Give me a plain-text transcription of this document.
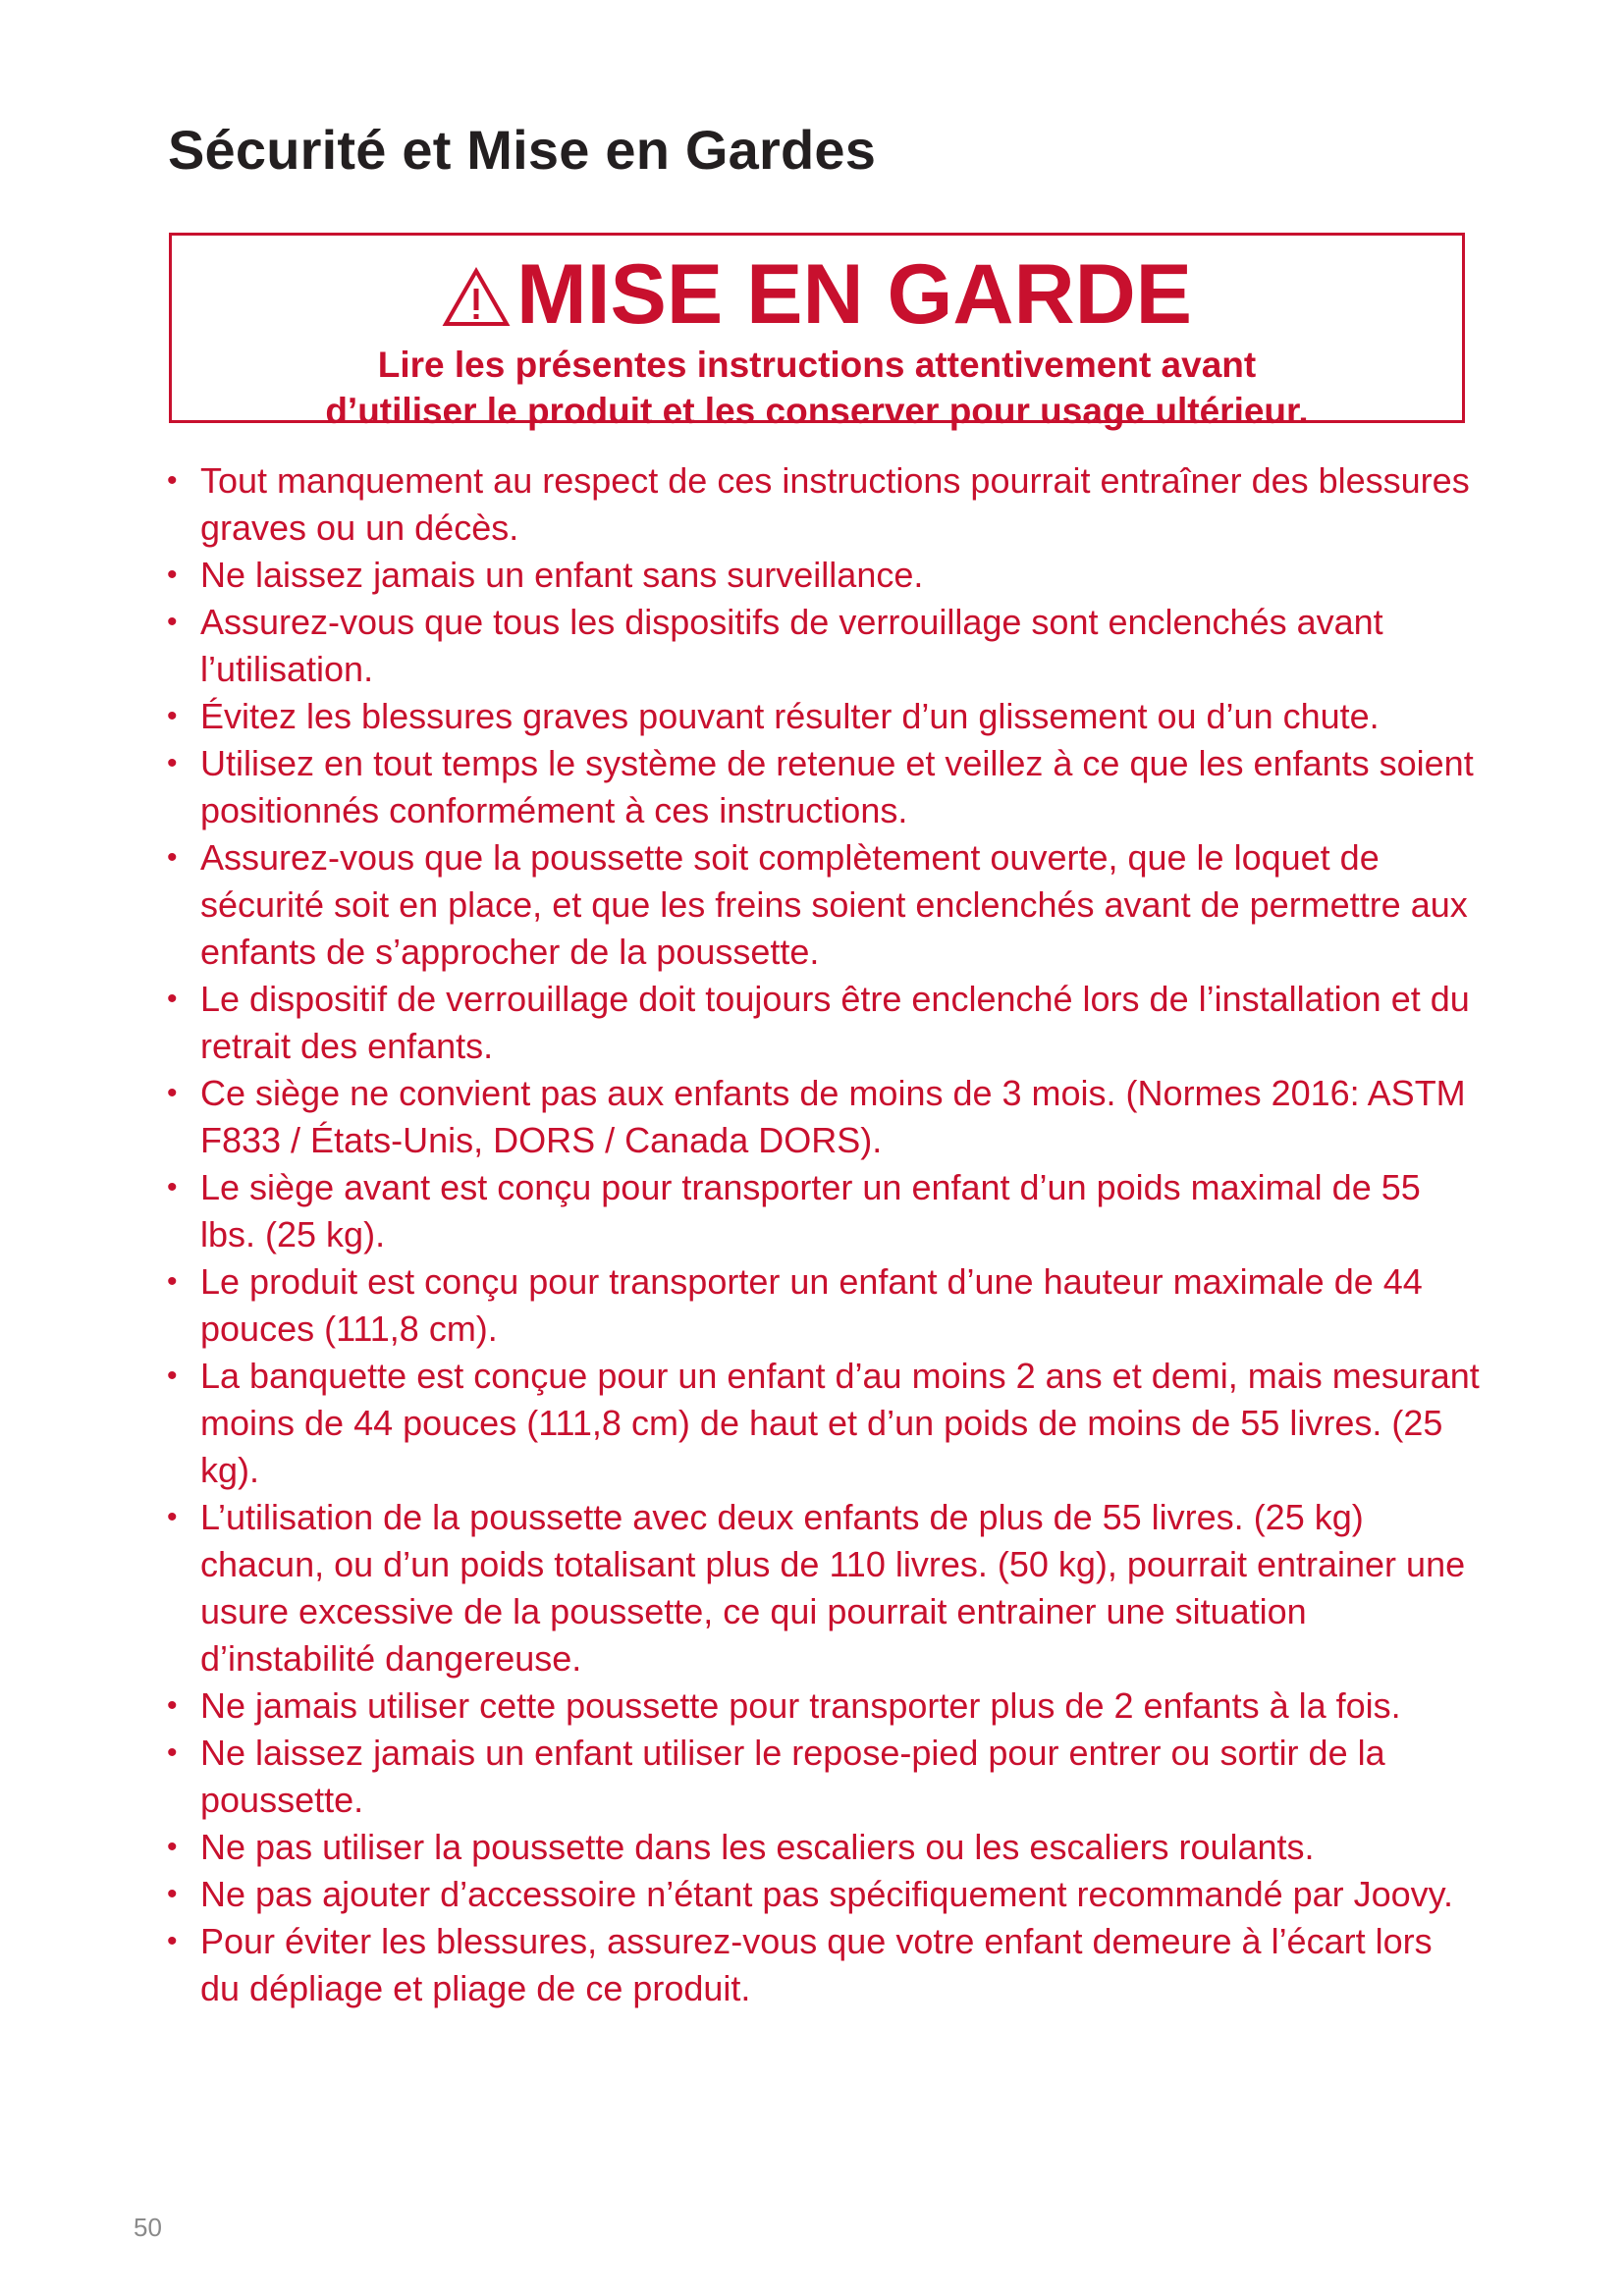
Sécurité et Mise en Gardes
MISE EN GARDE
Lire les présentes instructions attentivement avant
d’utiliser le produit et les conserver pour usage ultérieur.
• Tout manquement au respect de ces instructions pourrait entraîner des blessures graves ou un décès.
• Ne laissez jamais un enfant sans surveillance.
• Assurez-vous que tous les dispositifs de verrouillage sont enclenchés avant l’utilisation.
• Évitez les blessures graves pouvant résulter d’un glissement ou d’un chute.
• Utilisez en tout temps le système de retenue et veillez à ce que les enfants soient positionnés conformément à ces instructions.
• Assurez-vous que la poussette soit complètement ouverte, que le loquet de sécurité soit en place, et que les freins soient enclenchés avant de permettre aux enfants de s’approcher de la poussette.
• Le dispositif de verrouillage doit toujours être enclenché lors de l’installation et du retrait des enfants.
• Ce siège ne convient pas aux enfants de moins de 3 mois. (Normes 2016: ASTM F833 / États-Unis, DORS / Canada DORS).
• Le siège avant est conçu pour transporter un enfant d’un poids maximal de 55 lbs. (25 kg).
• Le produit est conçu pour transporter un enfant d’une hauteur maximale de 44 pouces (111,8 cm).
• La banquette est conçue pour un enfant d’au moins 2 ans et demi, mais mesurant moins de 44 pouces (111,8 cm) de haut et d’un poids de moins de 55 livres. (25 kg).
• L’utilisation de la poussette avec deux enfants de plus de 55 livres. (25 kg) chacun, ou d’un poids totalisant plus de 110 livres. (50 kg), pourrait entrainer une usure excessive de la poussette, ce qui pourrait entrainer une situation d’instabilité dangereuse.
• Ne jamais utiliser cette poussette pour transporter plus de 2 enfants à la fois.
• Ne laissez jamais un enfant utiliser le repose-pied pour entrer ou sortir de la poussette.
• Ne pas utiliser la poussette dans les escaliers ou les escaliers roulants.
• Ne pas ajouter d’accessoire n’étant pas spécifiquement recommandé par Joovy.
• Pour éviter les blessures, assurez-vous que votre enfant demeure à l’écart lors du dépliage et pliage de ce produit.
50
